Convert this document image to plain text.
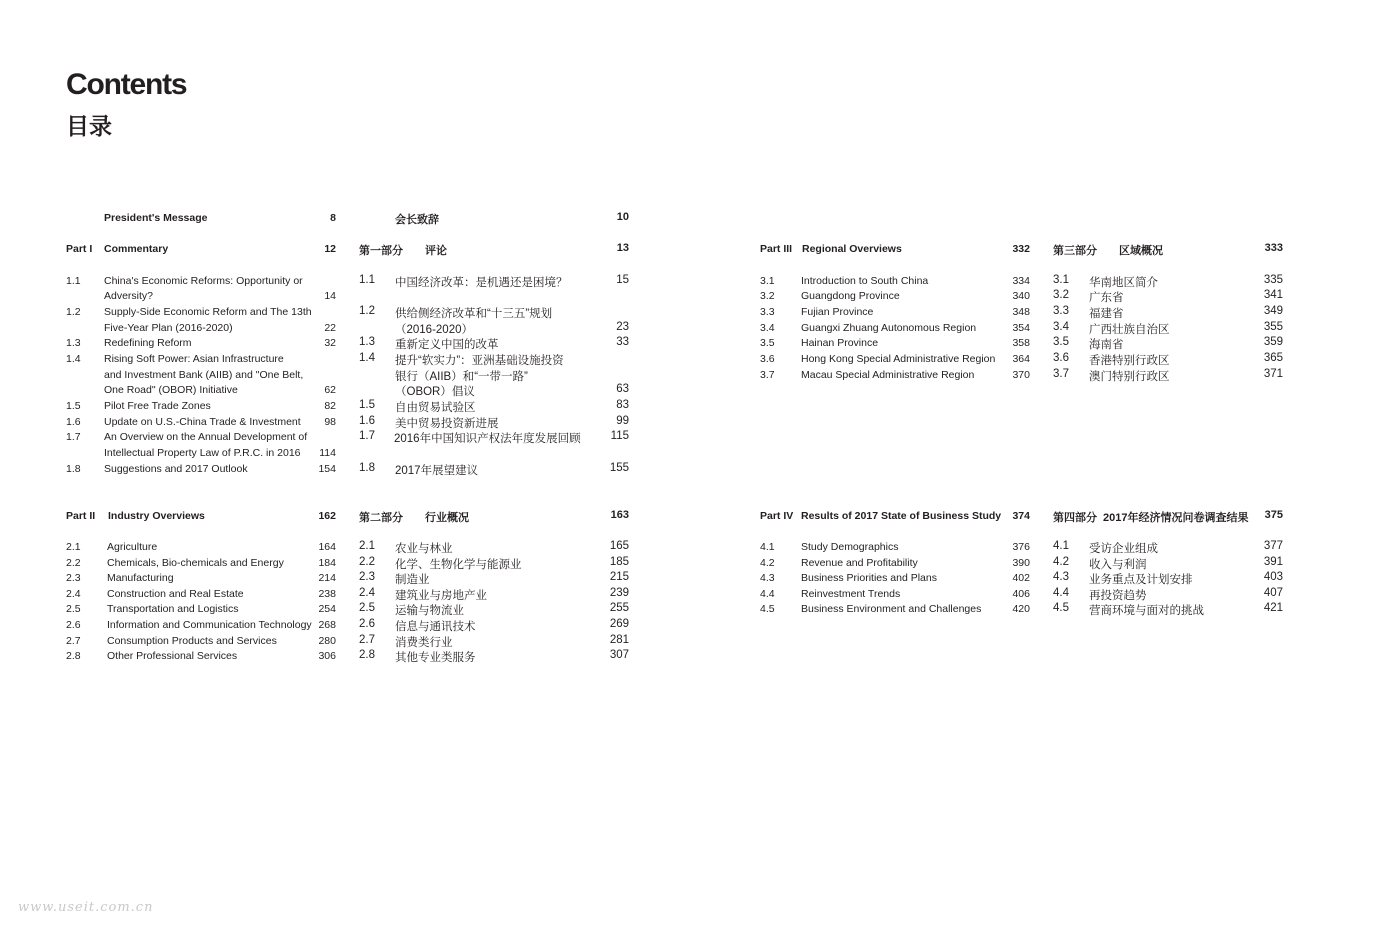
Contents
目录
President's Message	8
Part I Commentary	12
1.1 China's Economic Reforms: Opportunity or
Adversity?	14
1.2 Supply-Side Economic Reform and The 13th
Five-Year Plan (2016-2020)	22
1.3 Redefining Reform	32
1.4 Rising Soft Power: Asian Infrastructure
and Investment Bank (AIIB) and "One Belt,
One Road" (OBOR) Initiative	62
1.5 Pilot Free Trade Zones	82
1.6 Update on U.S.-China Trade & Investment	98
1.7 An Overview on the Annual Development of
Intellectual Property Law of P.R.C. in 2016	114
1.8 Suggestions and 2017 Outlook	154
Part II Industry Overviews	162
2.1	Agriculture	164
2.2	Chemicals, Bio-chemicals and Energy	184
2.3	Manufacturing	214
2.4	Construction and Real Estate	238
2.5	Transportation and Logistics	254
2.6	Information and Communication Technology 268
2.7	Consumption Products and Services	280
2.8	Other Professional Services	306
会长致辞	10
第一部分 评论	13
1.1 中国经济改革：是机遇还是困境？	15
1.2 供给侧经济改革和“十三五”规划
（2016-2020）	23
1.3 重新定义中国的改革	33
1.4 提升“软实力”：亚洲基础设施投资
银行（AIIB）和“一带一路”
（OBOR）倡议	63
1.5 自由贸易试验区	83
1.6 美中贸易投资新进展	99
1.7 2016年中国知识产权法年度发展回顾	115
1.8 2017年展望建议	155
第二部分 行业概况	163
2.1 农业与林业	165
2.2 化学、生物化学与能源业	185
2.3 制造业	215
2.4 建筑业与房地产业	239
2.5 运输与物流业	255
2.6 信息与通讯技术	269
2.7 消费类行业	281
2.8 其他专业类服务	307
Part III Regional Overviews	332
3.1	Introduction to South China	334
3.2	Guangdong Province	340
3.3	Fujian Province	348
3.4	Guangxi Zhuang Autonomous Region	354
3.5	Hainan Province	358
3.6	Hong Kong Special Administrative Region	364
3.7	Macau Special Administrative Region	370
Part IV Results of 2017 State of Business Study	374
4.1	Study Demographics	376
4.2	Revenue and Profitability	390
4.3	Business Priorities and Plans	402
4.4	Reinvestment Trends	406
4.5	Business Environment and Challenges	420
第三部分 区域概况	333
3.1 华南地区简介	335
3.2 广东省	341
3.3 福建省	349
3.4 广西壮族自治区	355
3.5 海南省	359
3.6 香港特别行政区	365
3.7 澳门特别行政区	371
第四部分 2017年经济情况问卷调查结果	375
4.1 受访企业组成	377
4.2 收入与利润	391
4.3 业务重点及计划安排	403
4.4 再投资趋势	407
4.5 营商环境与面对的挑战	421
www.useit.com.cn
